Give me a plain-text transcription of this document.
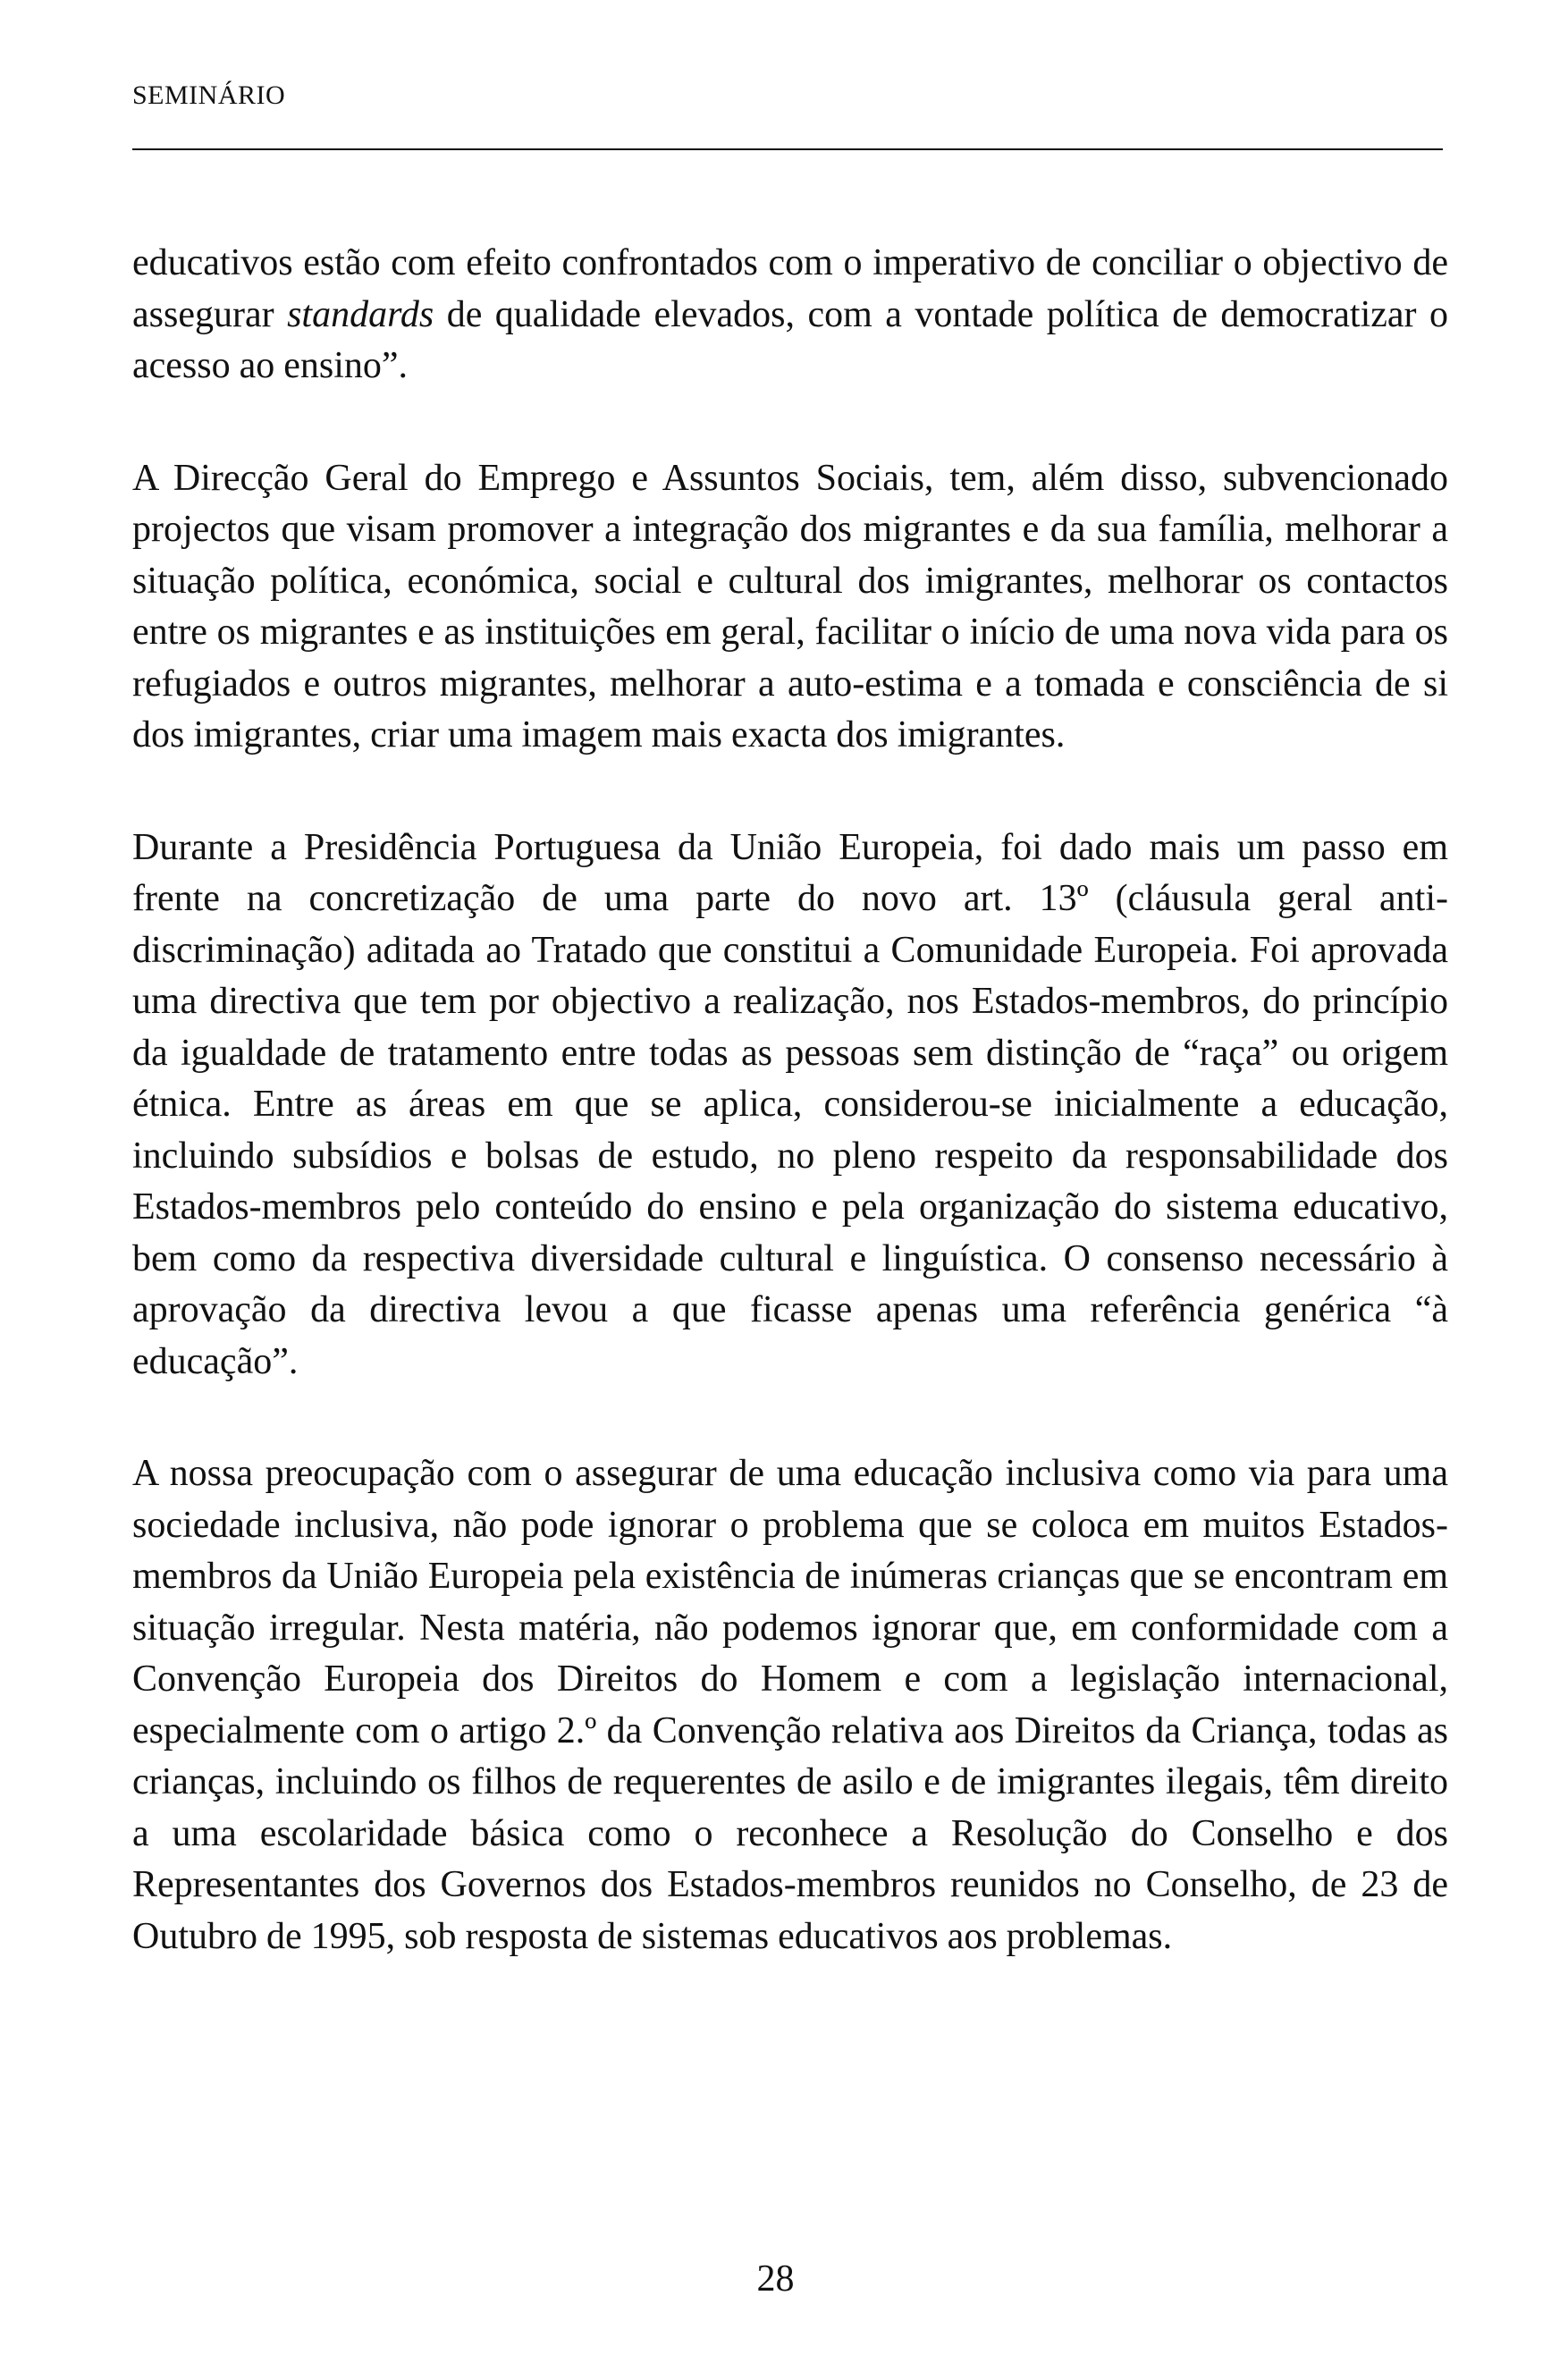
SEMINÁRIO

educativos estão com efeito confrontados com o imperativo de conciliar o objectivo de assegurar standards de qualidade elevados, com a vontade política de democratizar o acesso ao ensino”.

A Direcção Geral do Emprego e Assuntos Sociais, tem, além disso, subvencionado projectos que visam promover a integração dos migrantes e da sua família, melhorar a situação política, económica, social e cultural dos imigrantes, melhorar os contactos entre os migrantes e as instituições em geral, facilitar o início de uma nova vida para os refugiados e outros migrantes, melhorar a auto-estima e a tomada e consciência de si dos imigrantes, criar uma imagem mais exacta dos imigrantes.

Durante a Presidência Portuguesa da União Europeia, foi dado mais um passo em frente na concretização de uma parte do novo art. 13º (cláusula geral anti-discriminação) aditada ao Tratado que constitui a Comunidade Europeia. Foi aprovada uma directiva que tem por objectivo a realização, nos Estados-membros, do princípio da igualdade de tratamento entre todas as pessoas sem distinção de “raça” ou origem étnica. Entre as áreas em que se aplica, considerou-se inicialmente a educação, incluindo subsídios e bolsas de estudo, no pleno respeito da responsabilidade dos Estados-membros pelo conteúdo do ensino e pela organização do sistema educativo, bem como da respectiva diversidade cultural e linguística. O consenso necessário à aprovação da directiva levou a que ficasse apenas uma referência genérica “à educação”.

A nossa preocupação com o assegurar de uma educação inclusiva como via para uma sociedade inclusiva, não pode ignorar o problema que se coloca em muitos Estados-membros da União Europeia pela existência de inúmeras crianças que se encontram em situação irregular. Nesta matéria, não podemos ignorar que, em conformidade com a Convenção Europeia dos Direitos do Homem e com a legislação internacional, especialmente com o artigo 2.º da Convenção relativa aos Direitos da Criança, todas as crianças, incluindo os filhos de requerentes de asilo e de imigrantes ilegais, têm direito a uma escolaridade básica como o reconhece a Resolução do Conselho e dos Representantes dos Governos dos Estados-membros reunidos no Conselho, de 23 de Outubro de 1995, sob resposta de sistemas educativos aos problemas.

28
